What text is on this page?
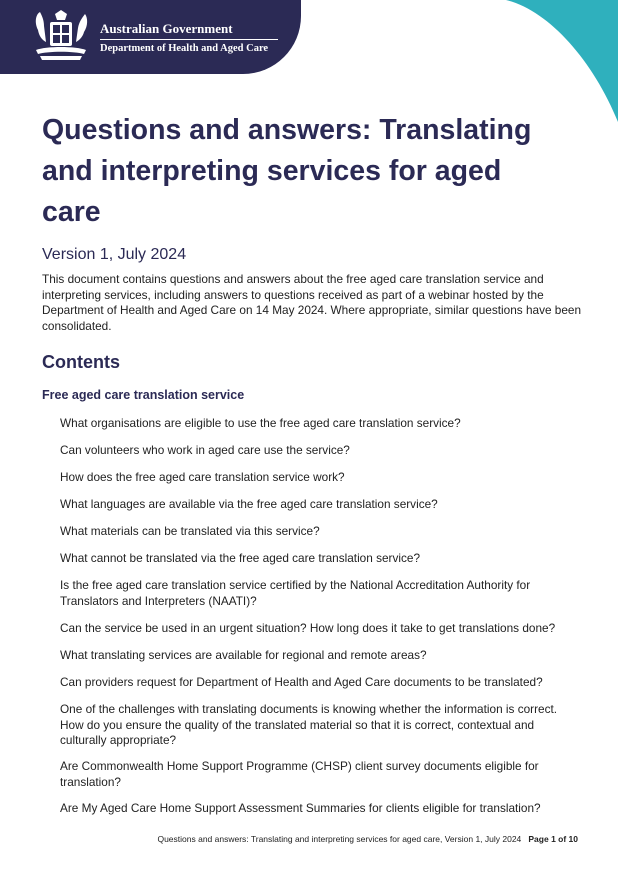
Australian Government
Department of Health and Aged Care
Questions and answers: Translating and interpreting services for aged care
Version 1, July 2024

This document contains questions and answers about the free aged care translation service and interpreting services, including answers to questions received as part of a webinar hosted by the Department of Health and Aged Care on 14 May 2024. Where appropriate, similar questions have been consolidated.

Contents
Free aged care translation service

What organisations are eligible to use the free aged care translation service?

Can volunteers who work in aged care use the service?

How does the free aged care translation service work?

What languages are available via the free aged care translation service?

What materials can be translated via this service?

What cannot be translated via the free aged care translation service?

Is the free aged care translation service certified by the National Accreditation Authority for Translators and Interpreters (NAATI)?

Can the service be used in an urgent situation? How long does it take to get translations done?

What translating services are available for regional and remote areas?

Can providers request for Department of Health and Aged Care documents to be translated?

One of the challenges with translating documents is knowing whether the information is correct. How do you ensure the quality of the translated material so that it is correct, contextual and culturally appropriate?

Are Commonwealth Home Support Programme (CHSP) client survey documents eligible for translation?

Are My Aged Care Home Support Assessment Summaries for clients eligible for translation?

Questions and answers: Translating and interpreting services for aged care, Version 1, July 2024 Page 1 of 10
